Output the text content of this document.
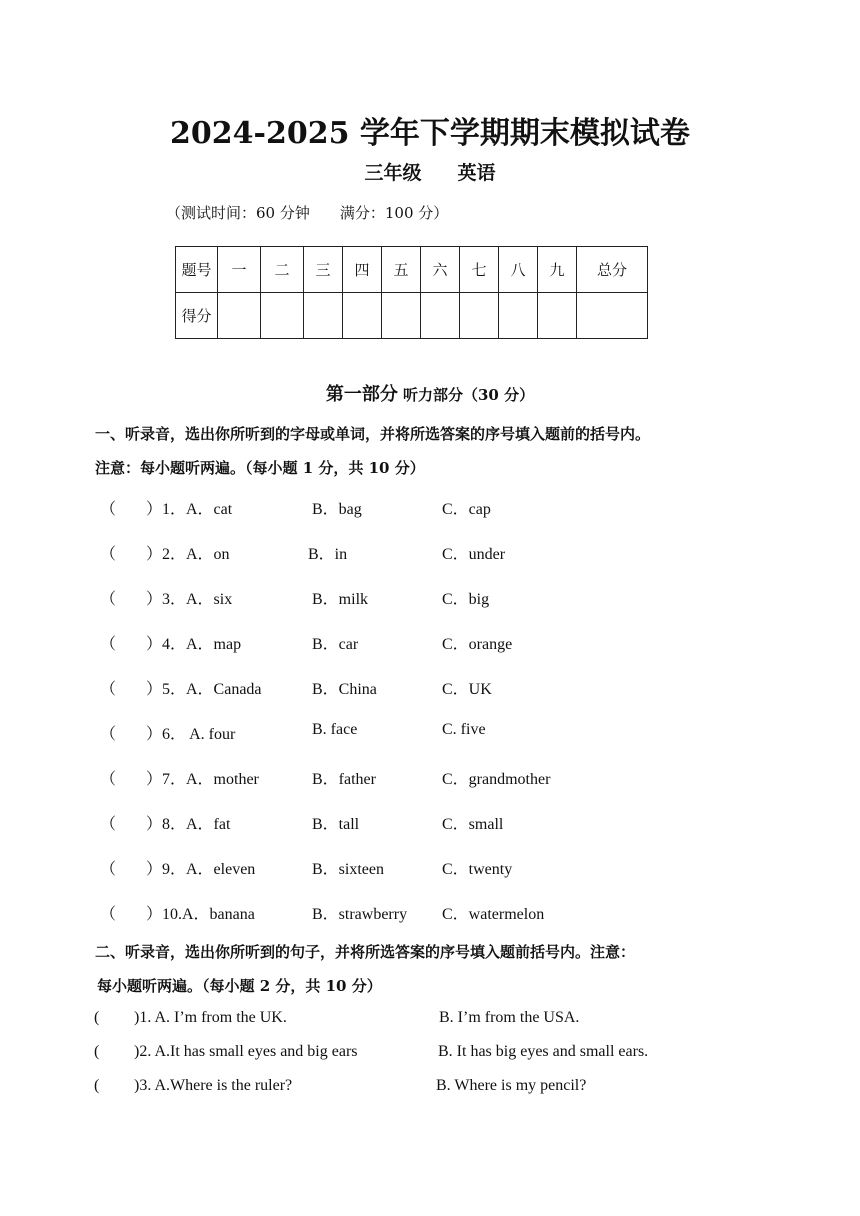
2024-2025 学年下学期期末模拟试卷
三年级 英语
（测试时间：60 分钟 满分：100 分）
题号	一	二	三	四	五	六	七	八	九	总分
得分										
第一部分 听力部分（30 分）
一、听录音，选出你所听到的字母或单词，并将所选答案的序号填入题前的括号内。
注意：每小题听两遍。（每小题 1 分，共 10 分）
（ ）1．A．cat	B．bag	C．cap
（ ）2．A．on	B．in	C．under
（ ）3．A．six	B．milk	C．big
（ ）4．A．map	B．car	C．orange
（ ）5．A．Canada	B．China	C．UK
（ ）6． A. four	B. face	C. five
（ ）7．A．mother	B．father	C．grandmother
（ ）8．A．fat	B．tall	C．small
（ ）9．A．eleven	B．sixteen	C．twenty
（ ）10.A．banana	B．strawberry C．watermelon
二、听录音，选出你所听到的句子，并将所选答案的序号填入题前括号内。注意：
每小题听两遍。（每小题 2 分，共 10 分）
( )1. A. I’m from the UK.	B. I’m from the USA.
( )2. A.It has small eyes and big ears	B. It has big eyes and small ears.
( )3. A.Where is the ruler?	B. Where is my pencil?
